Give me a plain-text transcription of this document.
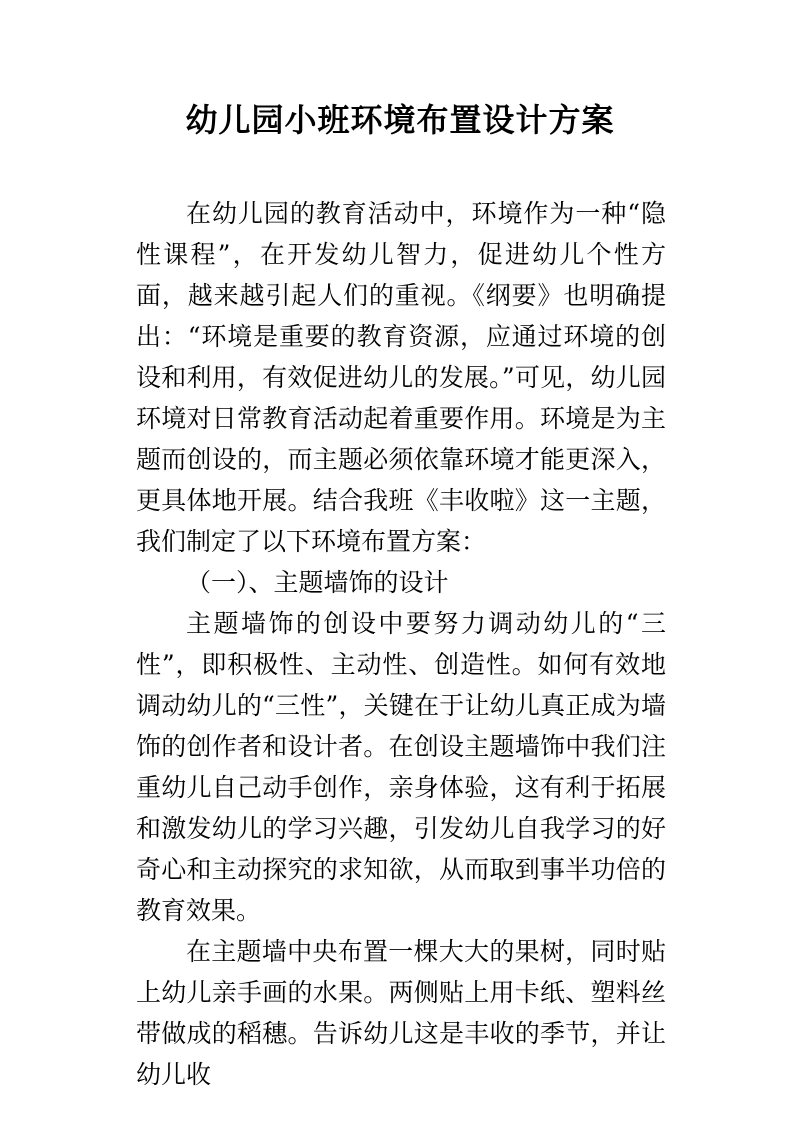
幼儿园小班环境布置设计方案

在幼儿园的教育活动中，环境作为一种“隐性课程”，在开发幼儿智力，促进幼儿个性方面，越来越引起人们的重视。《纲要》也明确提出：“环境是重要的教育资源，应通过环境的创设和利用，有效促进幼儿的发展。”可见，幼儿园环境对日常教育活动起着重要作用。环境是为主题而创设的，而主题必须依靠环境才能更深入，更具体地开展。结合我班《丰收啦》这一主题，我们制定了以下环境布置方案：

（一）、主题墙饰的设计

主题墙饰的创设中要努力调动幼儿的“三性”，即积极性、主动性、创造性。如何有效地调动幼儿的“三性”，关键在于让幼儿真正成为墙饰的创作者和设计者。在创设主题墙饰中我们注重幼儿自己动手创作，亲身体验，这有利于拓展和激发幼儿的学习兴趣，引发幼儿自我学习的好奇心和主动探究的求知欲，从而取到事半功倍的教育效果。

在主题墙中央布置一棵大大的果树，同时贴上幼儿亲手画的水果。两侧贴上用卡纸、塑料丝带做成的稻穗。告诉幼儿这是丰收的季节，并让幼儿收
